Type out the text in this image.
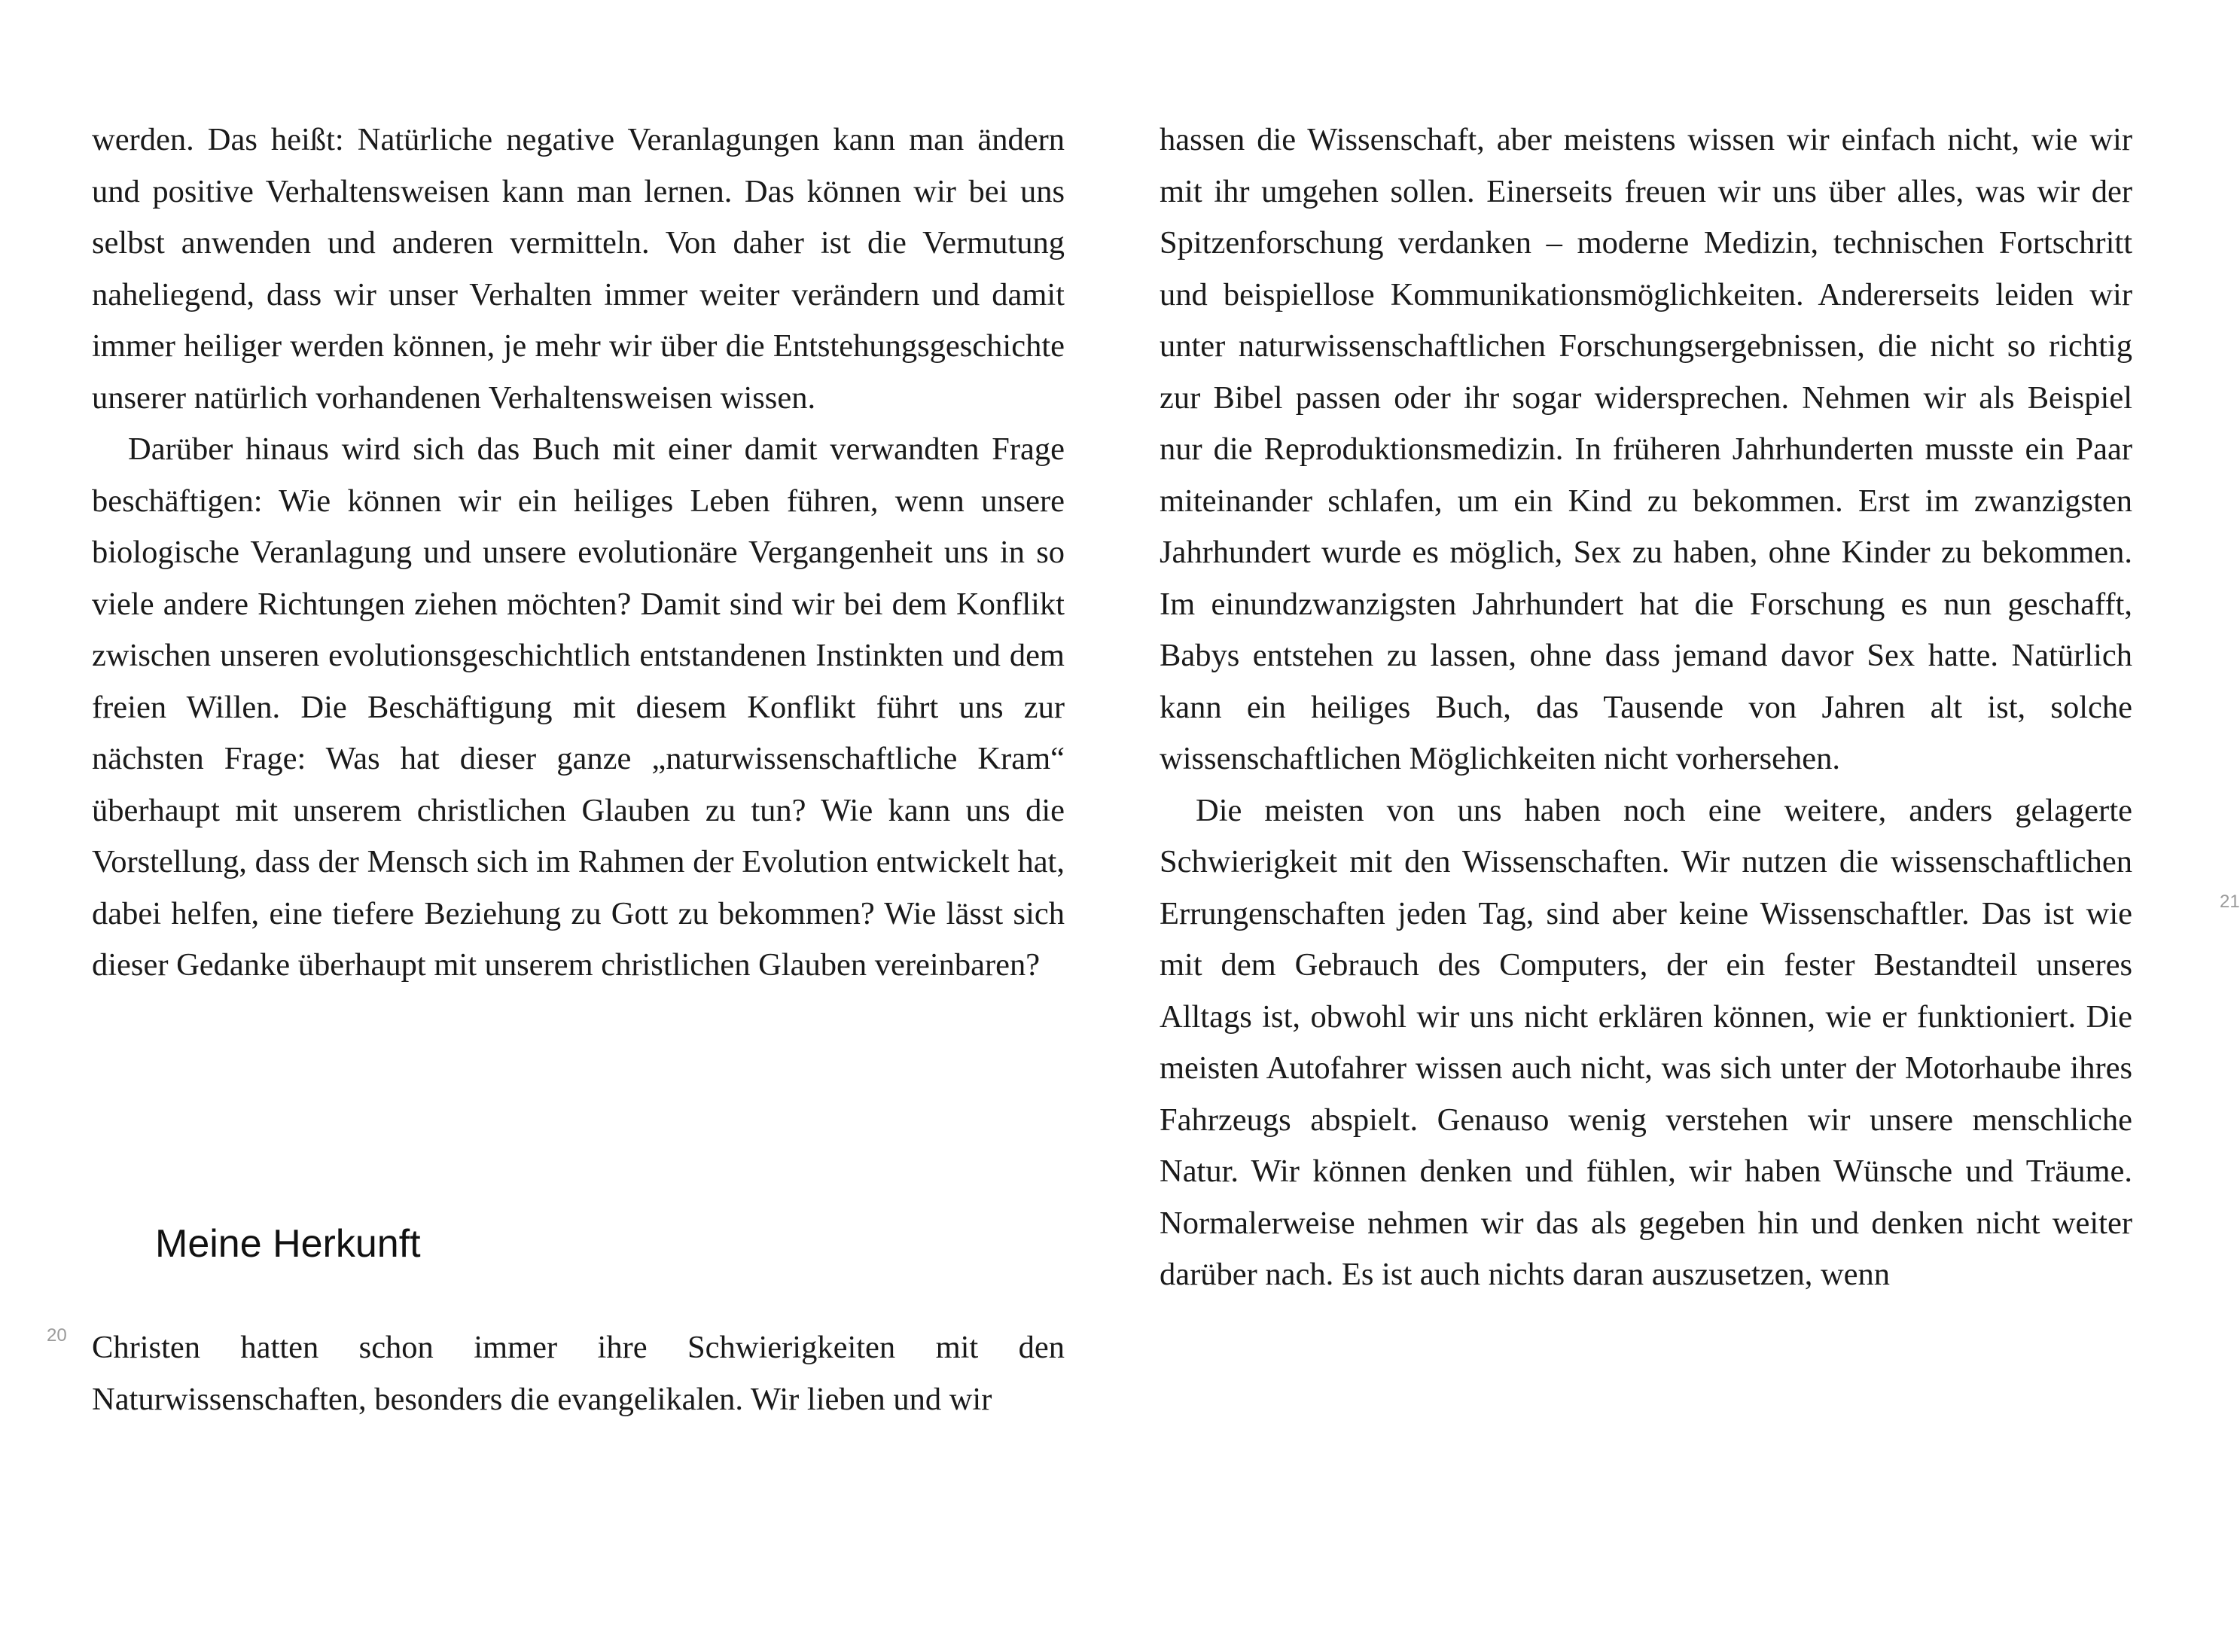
werden. Das heißt: Natürliche negative Veranlagungen kann man ändern und positive Verhaltensweisen kann man lernen. Das können wir bei uns selbst anwenden und anderen vermitteln. Von daher ist die Vermutung naheliegend, dass wir unser Verhalten immer weiter verändern und damit immer heiliger werden können, je mehr wir über die Entstehungsgeschichte unserer natürlich vorhandenen Verhaltensweisen wissen.

Darüber hinaus wird sich das Buch mit einer damit verwandten Frage beschäftigen: Wie können wir ein heiliges Leben führen, wenn unsere biologische Veranlagung und unsere evolutionäre Vergangenheit uns in so viele andere Richtungen ziehen möchten? Damit sind wir bei dem Konflikt zwischen unseren evolutionsgeschichtlich entstandenen Instinkten und dem freien Willen. Die Beschäftigung mit diesem Konflikt führt uns zur nächsten Frage: Was hat dieser ganze „naturwissenschaftliche Kram“ überhaupt mit unserem christlichen Glauben zu tun? Wie kann uns die Vorstellung, dass der Mensch sich im Rahmen der Evolution entwickelt hat, dabei helfen, eine tiefere Beziehung zu Gott zu bekommen? Wie lässt sich dieser Gedanke überhaupt mit unserem christlichen Glauben vereinbaren?

Meine Herkunft
20 Christen hatten schon immer ihre Schwierigkeiten mit den Naturwissenschaften, besonders die evangelikalen. Wir lieben und wir

21

hassen die Wissenschaft, aber meistens wissen wir einfach nicht, wie wir mit ihr umgehen sollen. Einerseits freuen wir uns über alles, was wir der Spitzenforschung verdanken – moderne Medizin, technischen Fortschritt und beispiellose Kommunikationsmöglichkeiten. Andererseits leiden wir unter naturwissenschaftlichen Forschungsergebnissen, die nicht so richtig zur Bibel passen oder ihr sogar widersprechen. Nehmen wir als Beispiel nur die Reproduktionsmedizin. In früheren Jahrhunderten musste ein Paar miteinander schlafen, um ein Kind zu bekommen. Erst im zwanzigsten Jahrhundert wurde es möglich, Sex zu haben, ohne Kinder zu bekommen. Im einundzwanzigsten Jahrhundert hat die Forschung es nun geschafft, Babys entstehen zu lassen, ohne dass jemand davor Sex hatte. Natürlich kann ein heiliges Buch, das Tausende von Jahren alt ist, solche wissenschaftlichen Möglichkeiten nicht vorhersehen.

Die meisten von uns haben noch eine weitere, anders gelagerte Schwierigkeit mit den Wissenschaften. Wir nutzen die wissenschaftlichen Errungenschaften jeden Tag, sind aber keine Wissenschaftler. Das ist wie mit dem Gebrauch des Computers, der ein fester Bestandteil unseres Alltags ist, obwohl wir uns nicht erklären können, wie er funktioniert. Die meisten Autofahrer wissen auch nicht, was sich unter der Motorhaube ihres Fahrzeugs abspielt. Genauso wenig verstehen wir unsere menschliche Natur. Wir können denken und fühlen, wir haben Wünsche und Träume. Normalerweise nehmen wir das als gegeben hin und denken nicht weiter darüber nach. Es ist auch nichts daran auszusetzen, wenn
